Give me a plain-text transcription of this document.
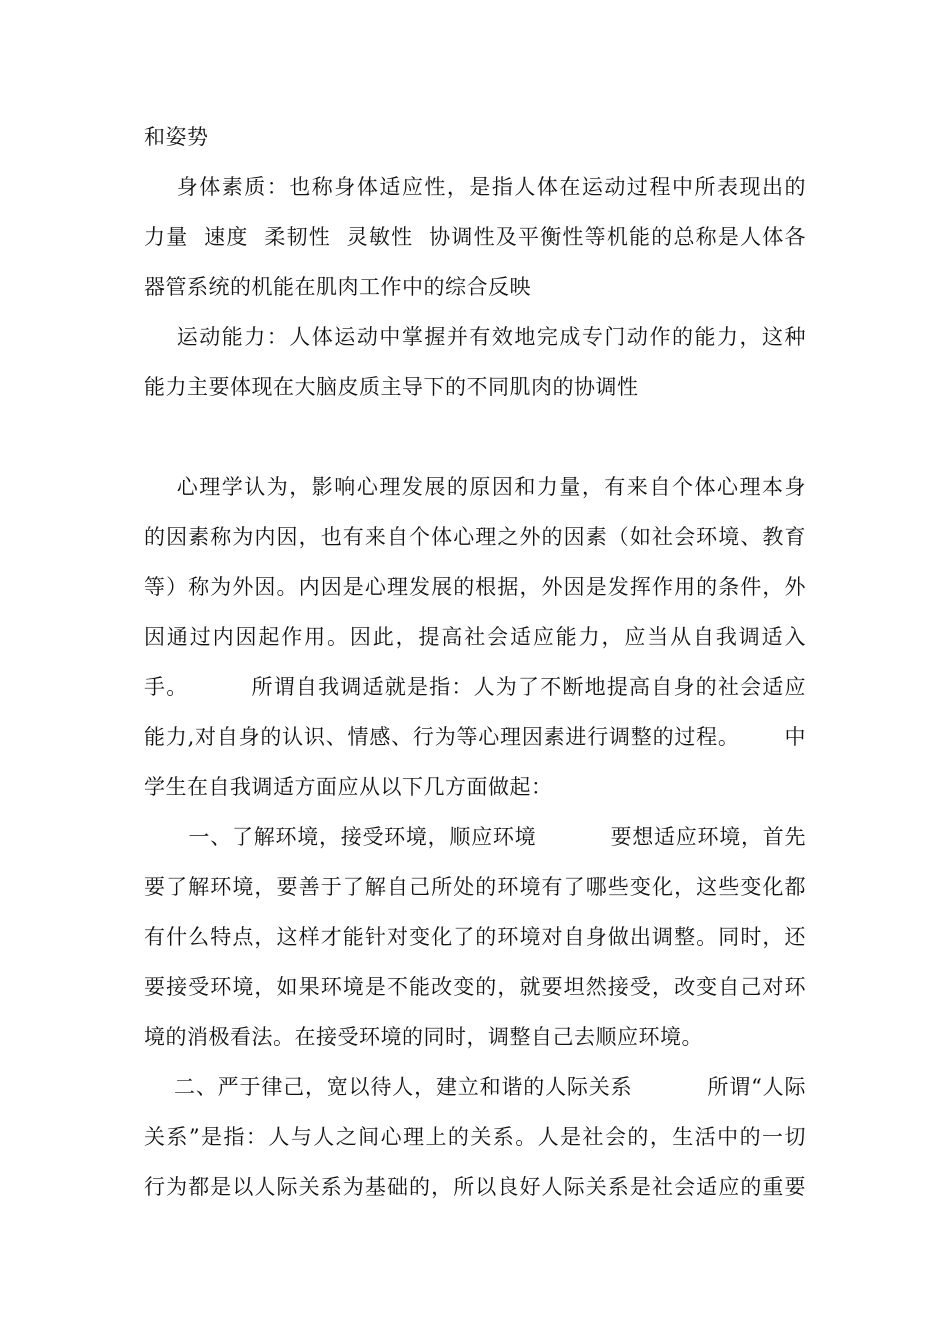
和姿势
身体素质：也称身体适应性，是指人体在运动过程中所表现出的
力量  速度  柔韧性  灵敏性  协调性及平衡性等机能的总称是人体各
器管系统的机能在肌肉工作中的综合反映
运动能力：人体运动中掌握并有效地完成专门动作的能力，这种
能力主要体现在大脑皮质主导下的不同肌肉的协调性
心理学认为，影响心理发展的原因和力量，有来自个体心理本身
的因素称为内因，也有来自个体心理之外的因素（如社会环境、教育
等）称为外因。内因是心理发展的根据，外因是发挥作用的条件，外
因通过内因起作用。因此，提高社会适应能力，应当从自我调适入
手。        所谓自我调适就是指：人为了不断地提高自身的社会适应
能力,对自身的认识、情感、行为等心理因素进行调整的过程。      中
学生在自我调适方面应从以下几方面做起：
一、了解环境，接受环境，顺应环境          要想适应环境，首先
要了解环境，要善于了解自己所处的环境有了哪些变化，这些变化都
有什么特点，这样才能针对变化了的环境对自身做出调整。同时，还
要接受环境，如果环境是不能改变的，就要坦然接受，改变自己对环
境的消极看法。在接受环境的同时，调整自己去顺应环境。
二、严于律己，宽以待人，建立和谐的人际关系          所谓“人际
关系”是指：人与人之间心理上的关系。人是社会的，生活中的一切
行为都是以人际关系为基础的，所以良好人际关系是社会适应的重要
